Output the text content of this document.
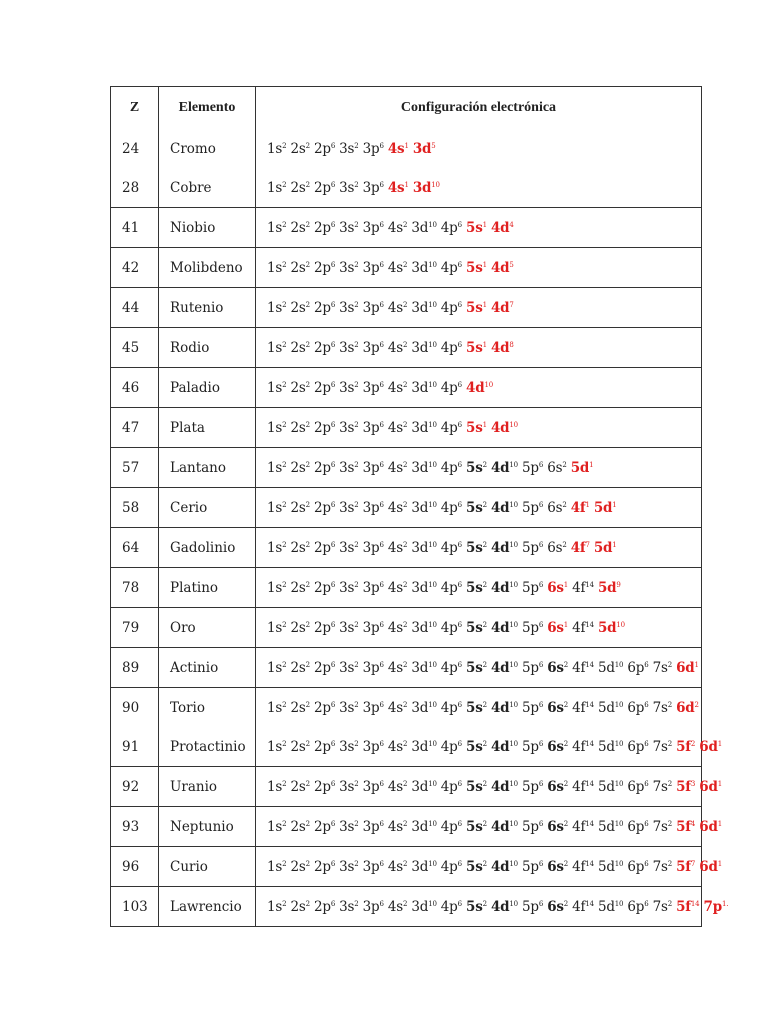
Z	Elemento	Configuración electrónica
24	Cromo	$1s^2$ $2s^2$ $2p^6$ $3s^2$ $3p^6$ $4s^1$ $3d^5$
28	Cobre	$1s^2$ $2s^2$ $2p^6$ $3s^2$ $3p^6$ $4s^1$ $3d^{10}$
41	Niobio	$1s^2$ $2s^2$ $2p^6$ $3s^2$ $3p^6$ $4s^2$ $3d^{10}$ $4p^6$ $5s^1$ $4d^4$
42	Molibdeno	$1s^2$ $2s^2$ $2p^6$ $3s^2$ $3p^6$ $4s^2$ $3d^{10}$ $4p^6$ $5s^1$ $4d^5$
44	Rutenio	$1s^2$ $2s^2$ $2p^6$ $3s^2$ $3p^6$ $4s^2$ $3d^{10}$ $4p^6$ $5s^1$ $4d^7$
45	Rodio	$1s^2$ $2s^2$ $2p^6$ $3s^2$ $3p^6$ $4s^2$ $3d^{10}$ $4p^6$ $5s^1$ $4d^8$
46	Paladio	$1s^2$ $2s^2$ $2p^6$ $3s^2$ $3p^6$ $4s^2$ $3d^{10}$ $4p^6$ $4d^{10}$
47	Plata	$1s^2$ $2s^2$ $2p^6$ $3s^2$ $3p^6$ $4s^2$ $3d^{10}$ $4p^6$ $5s^1$ $4d^{10}$
57	Lantano	$1s^2$ $2s^2$ $2p^6$ $3s^2$ $3p^6$ $4s^2$ $3d^{10}$ $4p^6$ $5s^2$ $4d^{10}$ $5p^6$ $6s^2$ $5d^1$
58	Cerio	$1s^2$ $2s^2$ $2p^6$ $3s^2$ $3p^6$ $4s^2$ $3d^{10}$ $4p^6$ $5s^2$ $4d^{10}$ $5p^6$ $6s^2$ $4f^1$ $5d^1$
64	Gadolinio	$1s^2$ $2s^2$ $2p^6$ $3s^2$ $3p^6$ $4s^2$ $3d^{10}$ $4p^6$ $5s^2$ $4d^{10}$ $5p^6$ $6s^2$ $4f^7$ $5d^1$
78	Platino	$1s^2$ $2s^2$ $2p^6$ $3s^2$ $3p^6$ $4s^2$ $3d^{10}$ $4p^6$ $5s^2$ $4d^{10}$ $5p^6$ $6s^1$ $4f^{14}$ $5d^9$
79	Oro	$1s^2$ $2s^2$ $2p^6$ $3s^2$ $3p^6$ $4s^2$ $3d^{10}$ $4p^6$ $5s^2$ $4d^{10}$ $5p^6$ $6s^1$ $4f^{14}$ $5d^{10}$
89	Actinio	$1s^2$ $2s^2$ $2p^6$ $3s^2$ $3p^6$ $4s^2$ $3d^{10}$ $4p^6$ $5s^2$ $4d^{10}$ $5p^6$ $6s^2$ $4f^{14}$ $5d^{10}$ $6p^6$ $7s^2$ $6d^1$
90	Torio	$1s^2$ $2s^2$ $2p^6$ $3s^2$ $3p^6$ $4s^2$ $3d^{10}$ $4p^6$ $5s^2$ $4d^{10}$ $5p^6$ $6s^2$ $4f^{14}$ $5d^{10}$ $6p^6$ $7s^2$ $6d^2$
91	Protactinio	$1s^2$ $2s^2$ $2p^6$ $3s^2$ $3p^6$ $4s^2$ $3d^{10}$ $4p^6$ $5s^2$ $4d^{10}$ $5p^6$ $6s^2$ $4f^{14}$ $5d^{10}$ $6p^6$ $7s^2$ $5f^2$ $6d^1$
92	Uranio	$1s^2$ $2s^2$ $2p^6$ $3s^2$ $3p^6$ $4s^2$ $3d^{10}$ $4p^6$ $5s^2$ $4d^{10}$ $5p^6$ $6s^2$ $4f^{14}$ $5d^{10}$ $6p^6$ $7s^2$ $5f^3$ $6d^1$
93	Neptunio	$1s^2$ $2s^2$ $2p^6$ $3s^2$ $3p^6$ $4s^2$ $3d^{10}$ $4p^6$ $5s^2$ $4d^{10}$ $5p^6$ $6s^2$ $4f^{14}$ $5d^{10}$ $6p^6$ $7s^2$ $5f^4$ $6d^1$
96	Curio	$1s^2$ $2s^2$ $2p^6$ $3s^2$ $3p^6$ $4s^2$ $3d^{10}$ $4p^6$ $5s^2$ $4d^{10}$ $5p^6$ $6s^2$ $4f^{14}$ $5d^{10}$ $6p^6$ $7s^2$ $5f^7$ $6d^1$
103	Lawrencio	$1s^2$ $2s^2$ $2p^6$ $3s^2$ $3p^6$ $4s^2$ $3d^{10}$ $4p^6$ $5s^2$ $4d^{10}$ $5p^6$ $6s^2$ $4f^{14}$ $5d^{10}$ $6p^6$ $7s^2$ $5f^{14}$ $7p^{1.}$
